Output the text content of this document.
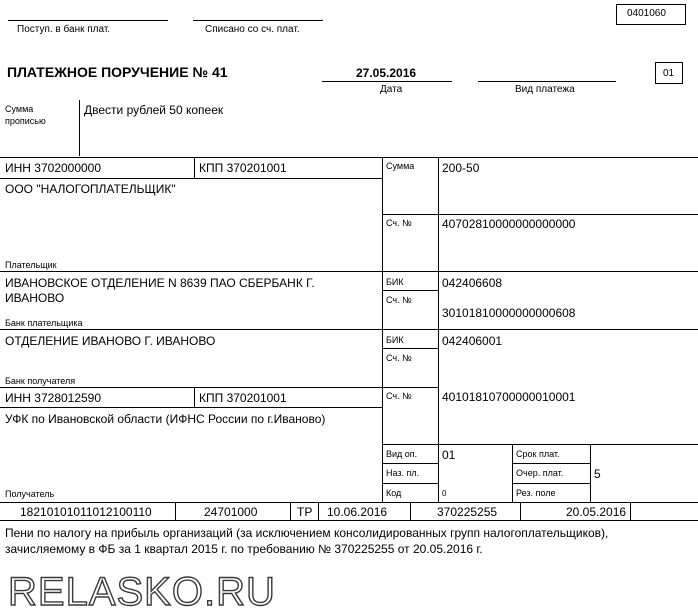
0401060
Поступ. в банк плат.	Списано со сч. плат.
ПЛАТЕЖНОЕ ПОРУЧЕНИЕ № 41	27.05.2016
Дата	Вид платежа
01
Сумма
прописью
Двести рублей 50 копеек
ИНН 3702000000	КПП 370201001
ООО "НАЛОГОПЛАТЕЛЬЩИК"
Плательщик
Сумма 200-50
Сч. №	40702810000000000000
ИВАНОВСКОЕ ОТДЕЛЕНИЕ N 8639 ПАО СБЕРБАНК Г.
ИВАНОВО
Банк плательщика
БИК	042406608
Сч. №
30101810000000000608
ОТДЕЛЕНИЕ ИВАНОВО Г. ИВАНОВО
Банк получателя
БИК	042406001
Сч. №
ИНН 3728012590	КПП 370201001
УФК по Ивановской области (ИФНС России по г.Иваново)
Получатель
Сч. №	40101810700000010001
Вид оп. 01
Наз. пл.
Код	0
Срок плат.
Очер. плат.	5
Рез. поле
18210101011012100110	24701000	ТР 10.06.2016	370225255	20.05.2016
Пени по налогу на прибыль организаций (за исключением консолидированных групп налогоплательщиков),
зачисляемому в ФБ за 1 квартал 2015 г. по требованию № 370225255 от 20.05.2016 г.
RELASKO.RU
